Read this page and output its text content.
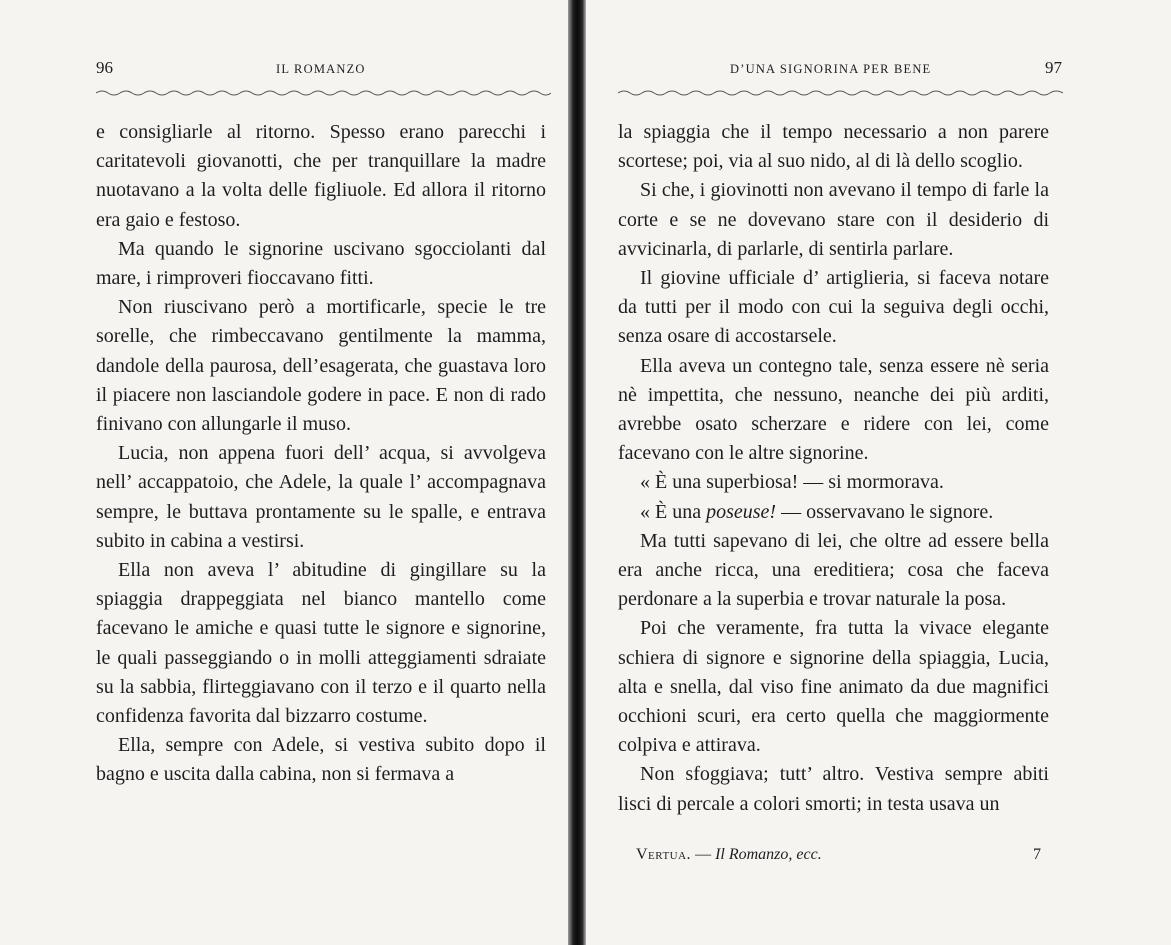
96	IL ROMANZO

e consigliarle al ritorno. Spesso erano parecchi i caritatevoli giovanotti, che per tranquillare la madre nuotavano a la volta delle figliuole. Ed allora il ritorno era gaio e festoso.

Ma quando le signorine uscivano sgocciolanti dal mare, i rimproveri fioccavano fitti.

Non riuscivano però a mortificarle, specie le tre sorelle, che rimbeccavano gentilmente la mamma, dandole della paurosa, dell’esagerata, che guastava loro il piacere non lasciandole godere in pace. E non di rado finivano con allungarle il muso.

Lucia, non appena fuori dell’ acqua, si avvolgeva nell’ accappatoio, che Adele, la quale l’ accompagnava sempre, le buttava prontamente su le spalle, e entrava subito in cabina a vestirsi.

Ella non aveva l’ abitudine di gingillare su la spiaggia drappeggiata nel bianco mantello come facevano le amiche e quasi tutte le signore e signorine, le quali passeggiando o in molli atteggiamenti sdraiate su la sabbia, flirteggiavano con il terzo e il quarto nella confidenza favorita dal bizzarro costume.

Ella, sempre con Adele, si vestiva subito dopo il bagno e uscita dalla cabina, non si fermava a

D’UNA SIGNORINA PER BENE	97

la spiaggia che il tempo necessario a non parere scortese; poi, via al suo nido, al di là dello scoglio.

Si che, i giovinotti non avevano il tempo di farle la corte e se ne dovevano stare con il desiderio di avvicinarla, di parlarle, di sentirla parlare.

Il giovine ufficiale d’ artiglieria, si faceva notare da tutti per il modo con cui la seguiva degli occhi, senza osare di accostarsele.

Ella aveva un contegno tale, senza essere nè seria nè impettita, che nessuno, neanche dei più arditi, avrebbe osato scherzare e ridere con lei, come facevano con le altre signorine.

« È una superbiosa! — si mormorava.

« È una poseuse! — osservavano le signore.

Ma tutti sapevano di lei, che oltre ad essere bella era anche ricca, una ereditiera; cosa che faceva perdonare a la superbia e trovar naturale la posa.

Poi che veramente, fra tutta la vivace elegante schiera di signore e signorine della spiaggia, Lucia, alta e snella, dal viso fine animato da due magnifici occhioni scuri, era certo quella che maggiormente colpiva e attirava.

Non sfoggiava; tutt’ altro. Vestiva sempre abiti lisci di percale a colori smorti; in testa usava un

Vertua. — Il Romanzo, ecc.	7
